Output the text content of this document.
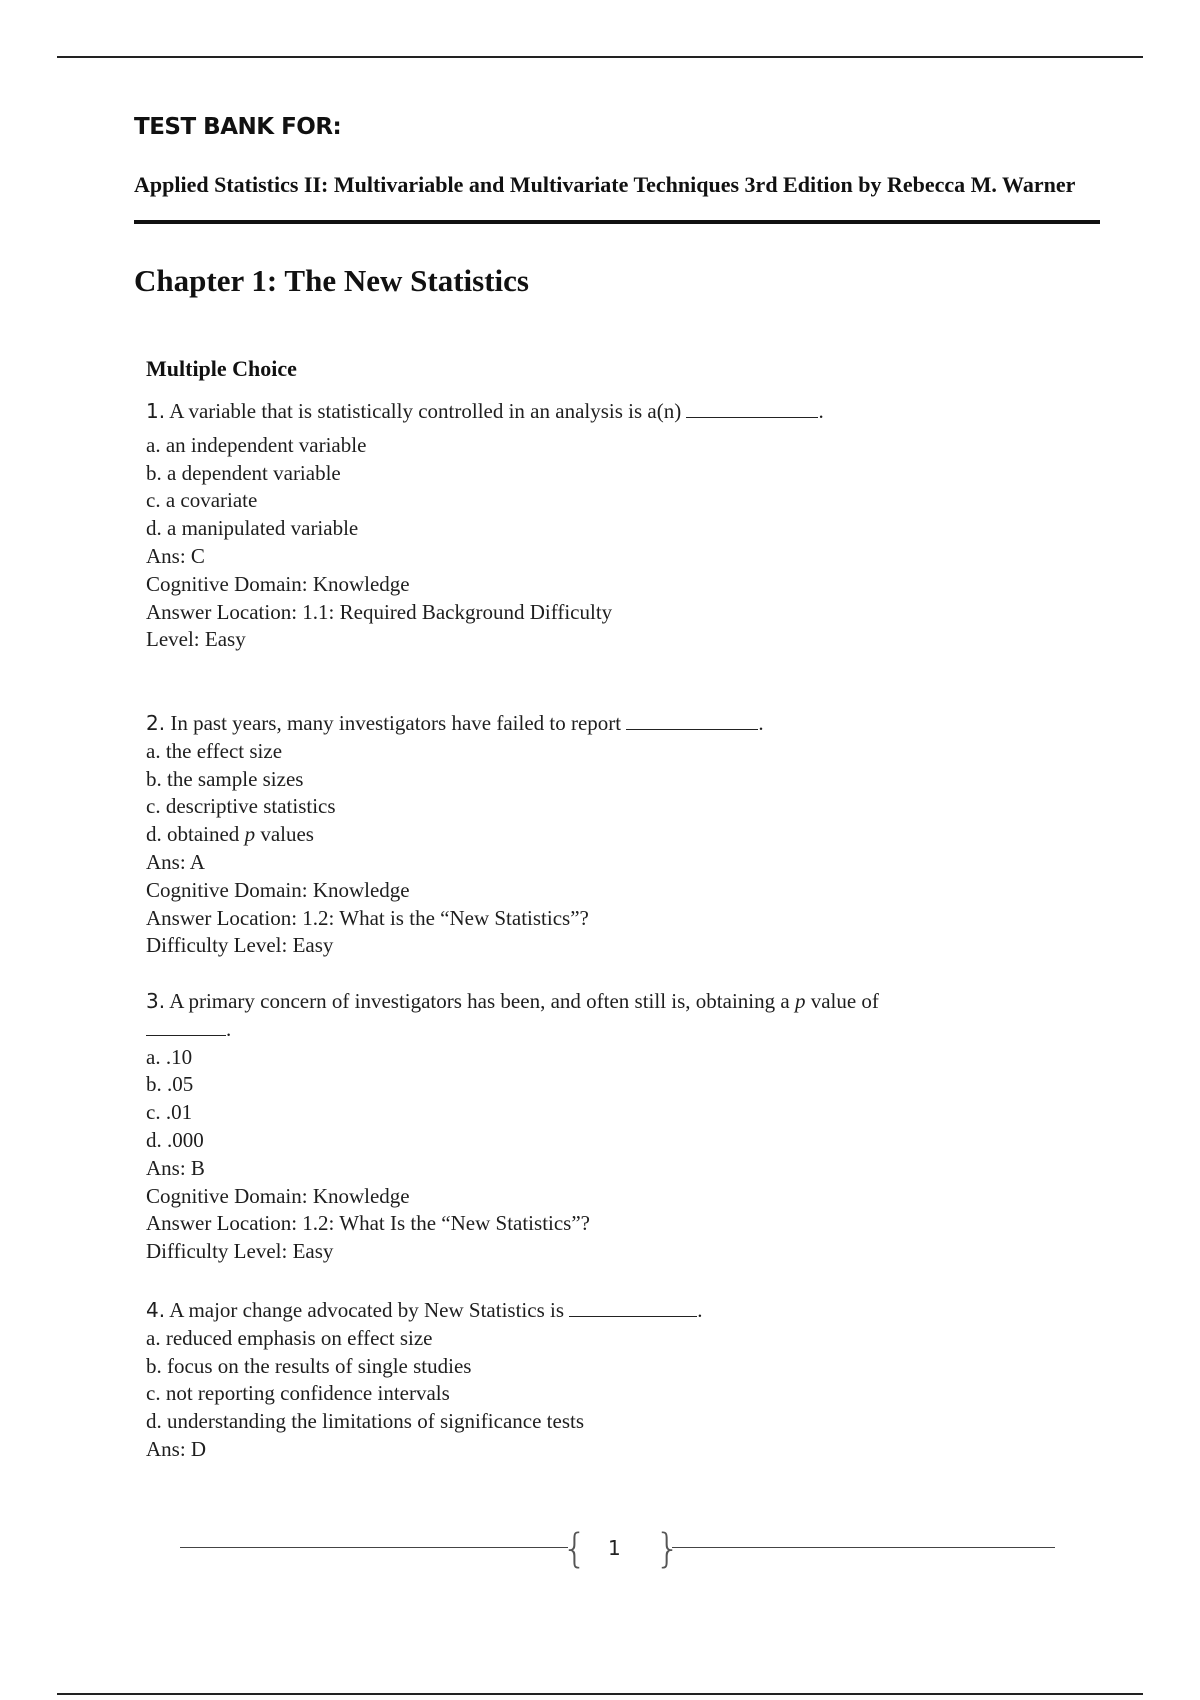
TEST BANK FOR:
Applied Statistics II: Multivariable and Multivariate Techniques 3rd Edition by Rebecca M. Warner
Chapter 1: The New Statistics
Multiple Choice
1. A variable that is statistically controlled in an analysis is a(n)	.
a. an independent variable
b. a dependent variable
c. a covariate
d. a manipulated variable
Ans: C
Cognitive Domain: Knowledge
Answer Location: 1.1: Required Background Difficulty
Level: Easy
2. In past years, many investigators have failed to report	.
a. the effect size
b. the sample sizes
c. descriptive statistics
d. obtained p values
Ans: A
Cognitive Domain: Knowledge
Answer Location: 1.2: What is the “New Statistics”?
Difficulty Level: Easy
3. A primary concern of investigators has been, and often still is, obtaining a p value of
.
a. .10
b. .05
c. .01
d. .000
Ans: B
Cognitive Domain: Knowledge
Answer Location: 1.2: What Is the “New Statistics”?
Difficulty Level: Easy
4. A major change advocated by New Statistics is	.
a. reduced emphasis on effect size
b. focus on the results of single studies
c. not reporting confidence intervals
d. understanding the limitations of significance tests
Ans: D
{ 1 }
